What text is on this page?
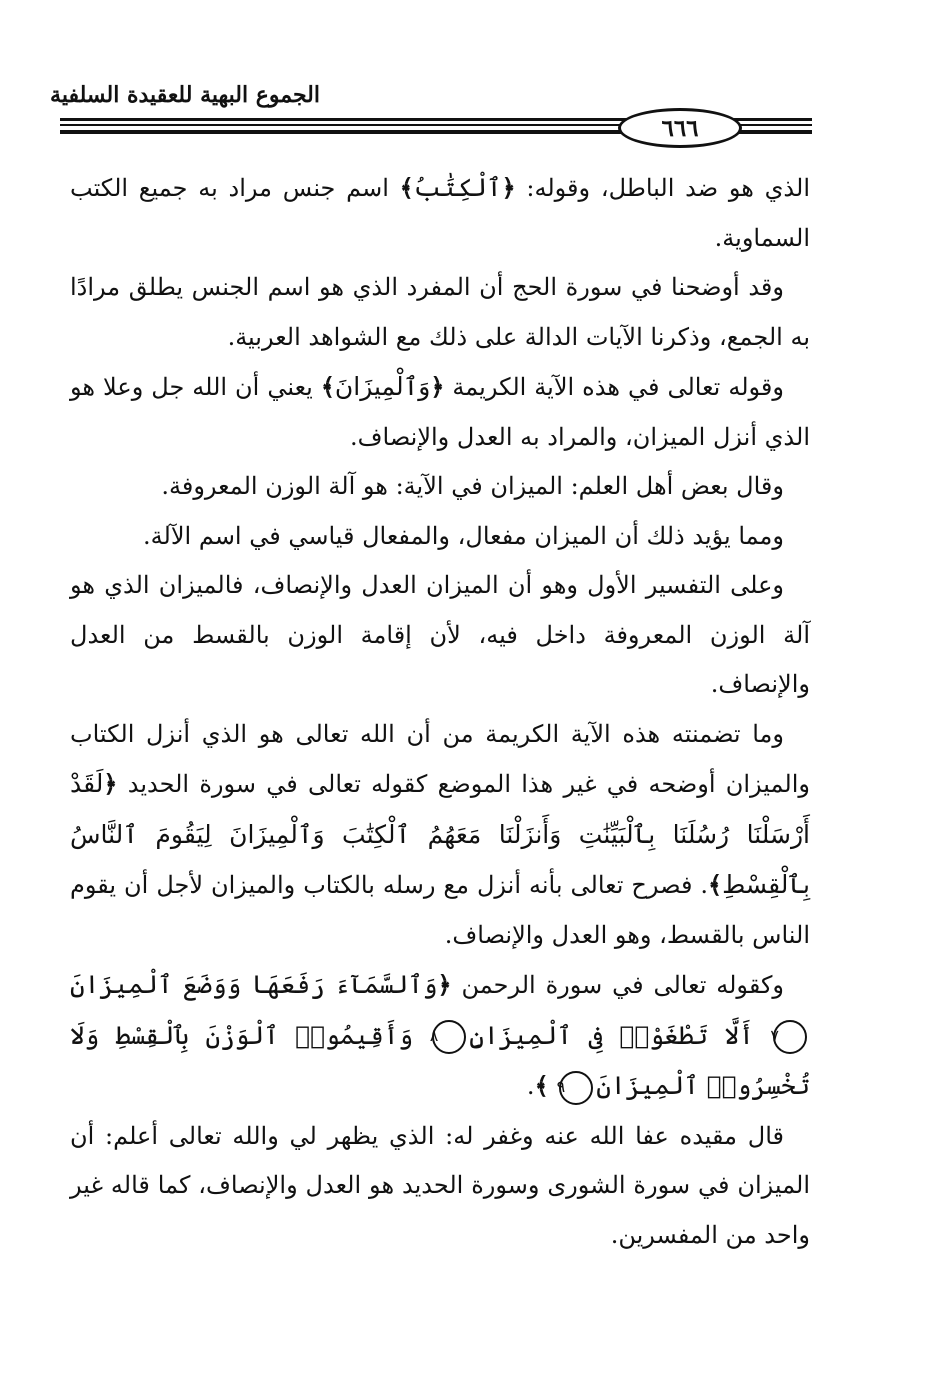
الجموع البهية للعقيدة السلفية
٦٦٦

الذي هو ضد الباطل، وقوله: ﴿ٱلْكِتَٰبُ﴾ اسم جنس مراد به جميع الكتب السماوية.

وقد أوضحنا في سورة الحج أن المفرد الذي هو اسم الجنس يطلق مرادًا به الجمع، وذكرنا الآيات الدالة على ذلك مع الشواهد العربية.

وقوله تعالى في هذه الآية الكريمة ﴿وَٱلْمِيزَانَ﴾ يعني أن الله جل وعلا هو الذي أنزل الميزان، والمراد به العدل والإنصاف.

وقال بعض أهل العلم: الميزان في الآية: هو آلة الوزن المعروفة.

ومما يؤيد ذلك أن الميزان مفعال، والمفعال قياسي في اسم الآلة.

وعلى التفسير الأول وهو أن الميزان العدل والإنصاف، فالميزان الذي هو آلة الوزن المعروفة داخل فيه، لأن إقامة الوزن بالقسط من العدل والإنصاف.

وما تضمنته هذه الآية الكريمة من أن الله تعالى هو الذي أنزل الكتاب والميزان أوضحه في غير هذا الموضع كقوله تعالى في سورة الحديد ﴿لَقَدْ أَرْسَلْنَا رُسُلَنَا بِٱلْبَيِّنَٰتِ وَأَنزَلْنَا مَعَهُمُ ٱلْكِتَٰبَ وَٱلْمِيزَانَ لِيَقُومَ ٱلنَّاسُ بِٱلْقِسْطِ﴾. فصرح تعالى بأنه أنزل مع رسله بالكتاب والميزان لأجل أن يقوم الناس بالقسط، وهو العدل والإنصاف.

وكقوله تعالى في سورة الرحمن ﴿وَٱلسَّمَآءَ رَفَعَهَا وَوَضَعَ ٱلْمِيزَانَ٧ أَلَّا تَطْغَوْا۟ فِى ٱلْمِيزَانِ٨ وَأَقِيمُوا۟ ٱلْوَزْنَ بِٱلْقِسْطِ وَلَا تُخْسِرُوا۟ ٱلْمِيزَانَ٩ ﴾.

قال مقيده عفا الله عنه وغفر له: الذي يظهر لي والله تعالى أعلم: أن الميزان في سورة الشورى وسورة الحديد هو العدل والإنصاف، كما قاله غير واحد من المفسرين.
